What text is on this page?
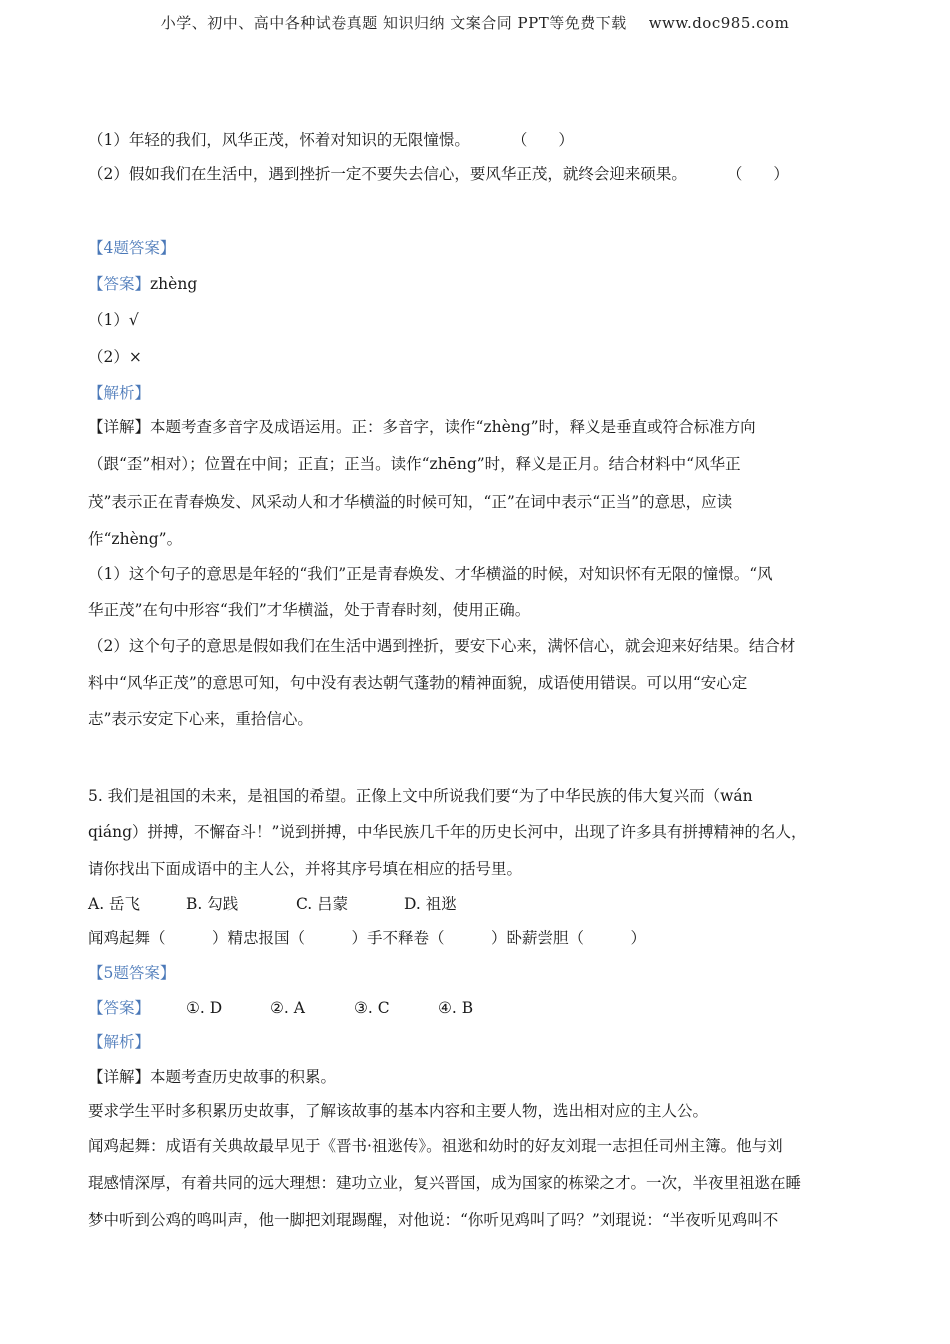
小学、初中、高中各种试卷真题 知识归纳 文案合同 PPT等免费下载 www.doc985.com
（1）年轻的我们，风华正茂，怀着对知识的无限憧憬。	（　　）
（2）假如我们在生活中，遇到挫折一定不要失去信心，要风华正茂，就终会迎来硕果。	（　　）
【4题答案】
【答案】zhèng
（1）√
（2）×
【解析】
【详解】本题考查多音字及成语运用。正：多音字，读作“zhèng”时，释义是垂直或符合标准方向
（跟“歪”相对）；位置在中间；正直；正当。读作“zhēng”时，释义是正月。结合材料中“风华正
茂”表示正在青春焕发、风采动人和才华横溢的时候可知，“正”在词中表示“正当”的意思，应读
作“zhèng”。
（1）这个句子的意思是年轻的“我们”正是青春焕发、才华横溢的时候，对知识怀有无限的憧憬。“风
华正茂”在句中形容“我们”才华横溢，处于青春时刻，使用正确。
（2）这个句子的意思是假如我们在生活中遇到挫折，要安下心来，满怀信心，就会迎来好结果。结合材
料中“风华正茂”的意思可知，句中没有表达朝气蓬勃的精神面貌，成语使用错误。可以用“安心定
志”表示安定下心来，重拾信心。
5. 我们是祖国的未来，是祖国的希望。正像上文中所说我们要“为了中华民族的伟大复兴而（wán
qiáng）拼搏，不懈奋斗！”说到拼搏，中华民族几千年的历史长河中，出现了许多具有拼搏精神的名人，
请你找出下面成语中的主人公，并将其序号填在相应的括号里。
A. 岳飞	B. 勾践	C. 吕蒙	D. 祖逖
闻鸡起舞（　　　）精忠报国（　　　）手不释卷（　　　）卧薪尝胆（　　　）
【5题答案】
【答案】 ①. D	②. A	③. C	④. B
【解析】
【详解】本题考查历史故事的积累。
要求学生平时多积累历史故事，了解该故事的基本内容和主要人物，选出相对应的主人公。
闻鸡起舞：成语有关典故最早见于《晋书·祖逖传》。祖逖和幼时的好友刘琨一志担任司州主簿。他与刘
琨感情深厚，有着共同的远大理想：建功立业，复兴晋国，成为国家的栋梁之才。一次，半夜里祖逖在睡
梦中听到公鸡的鸣叫声，他一脚把刘琨踢醒，对他说：“你听见鸡叫了吗？”刘琨说：“半夜听见鸡叫不
